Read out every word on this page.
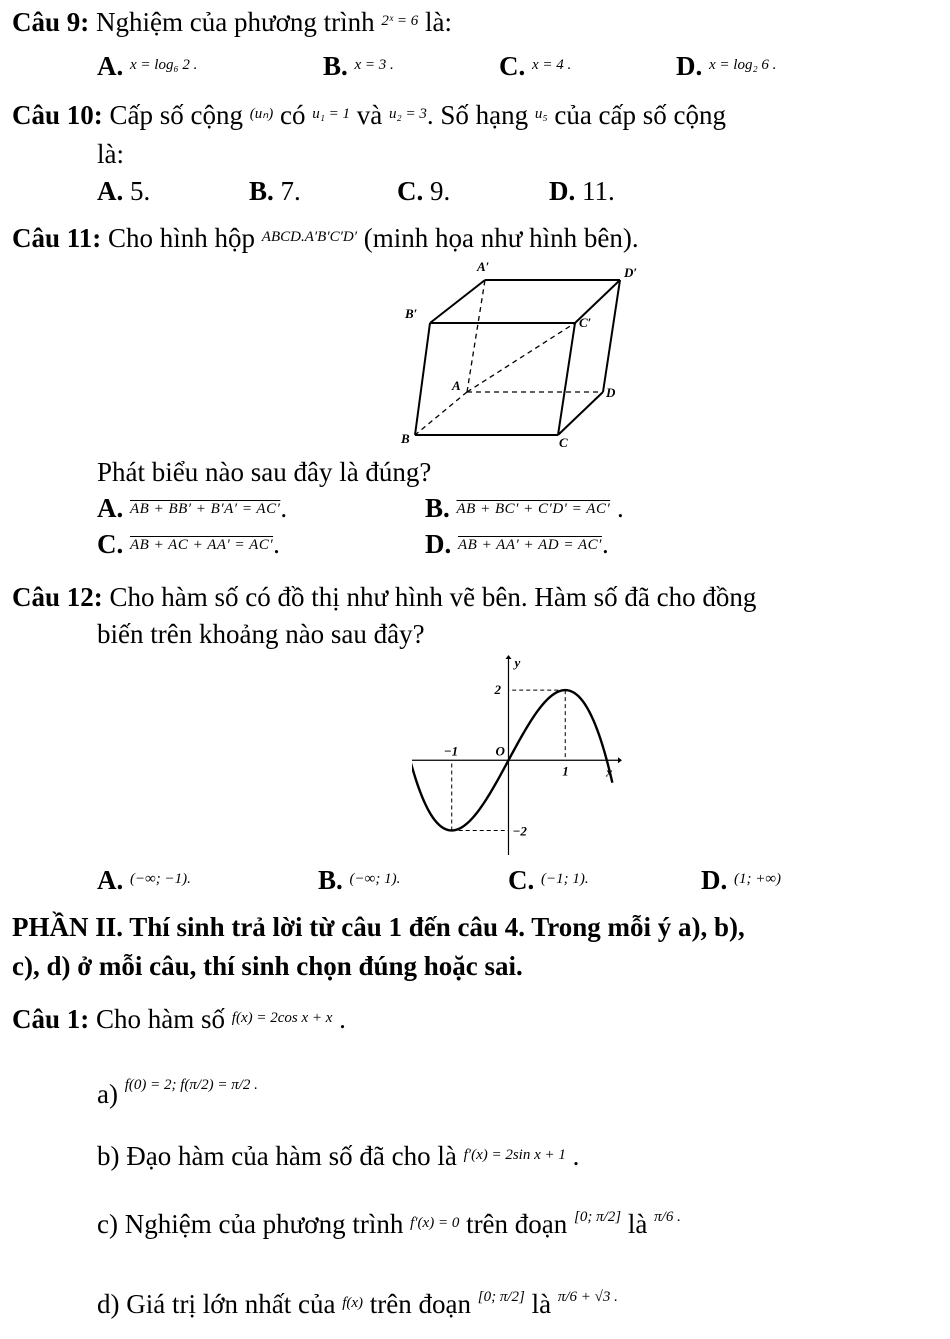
Câu 9: Nghiệm của phương trình $^{2ˣ = 6}$ là:
A. $^{x = log_6 2 .}$	B. $^{x = 3 .}$	C. $^{x = 4 .}$	D. $^{x = log_2 6 .}$
Câu 10: Cấp số cộng $^{(u_n)}$ có $^{u_1 = 1}$ và $^{u_2 = 3}$. Số hạng $^{u_5}$ của cấp số cộng
là:
A. 5.	B. 7.	C. 9.	D. 11.
Câu 11: Cho hình hộp $^{ABCD.A'B'C'D'}$ (minh họa như hình bên).
A′	D′
B′
C′
A	D
B	C
Phát biểu nào sau đây là đúng?
A. AB + BB′ + B′A′ = AC′.	B. AB + BC′ + C′D′ = AC′ .
C. AB + AC + AA′ = AC′.	D. AB + AA′ + AD = AC′.
Câu 12: Cho hàm số có đồ thị như hình vẽ bên. Hàm số đã cho đồng
biến trên khoảng nào sau đây?
2
−2
−1
1
O
x
y
A. $^{(-\infty; -1).}$	B. $^{(-\infty; 1).}$	C. $^{(-1; 1).}$	D. $^{(1; +\infty)}$
PHẦN II. Thí sinh trả lời từ câu 1 đến câu 4. Trong mỗi ý a), b),
c), d) ở mỗi câu, thí sinh chọn đúng hoặc sai.
Câu 1: Cho hàm số $^{f(x) = 2cos x + x}$ .
a) $^{f(0) = 2; f(\pi/2) = \pi/2 .}$
b) Đạo hàm của hàm số đã cho là $^{f'(x) = 2sin x + 1}$ .
c) Nghiệm của phương trình $^{f'(x) = 0}$ trên đoạn [0; π/2] là $^{\pi/6 .}$
d) Giá trị lớn nhất của $^{f(x)}$ trên đoạn [0; π/2] là $^{\pi/6 + √3 .}$
